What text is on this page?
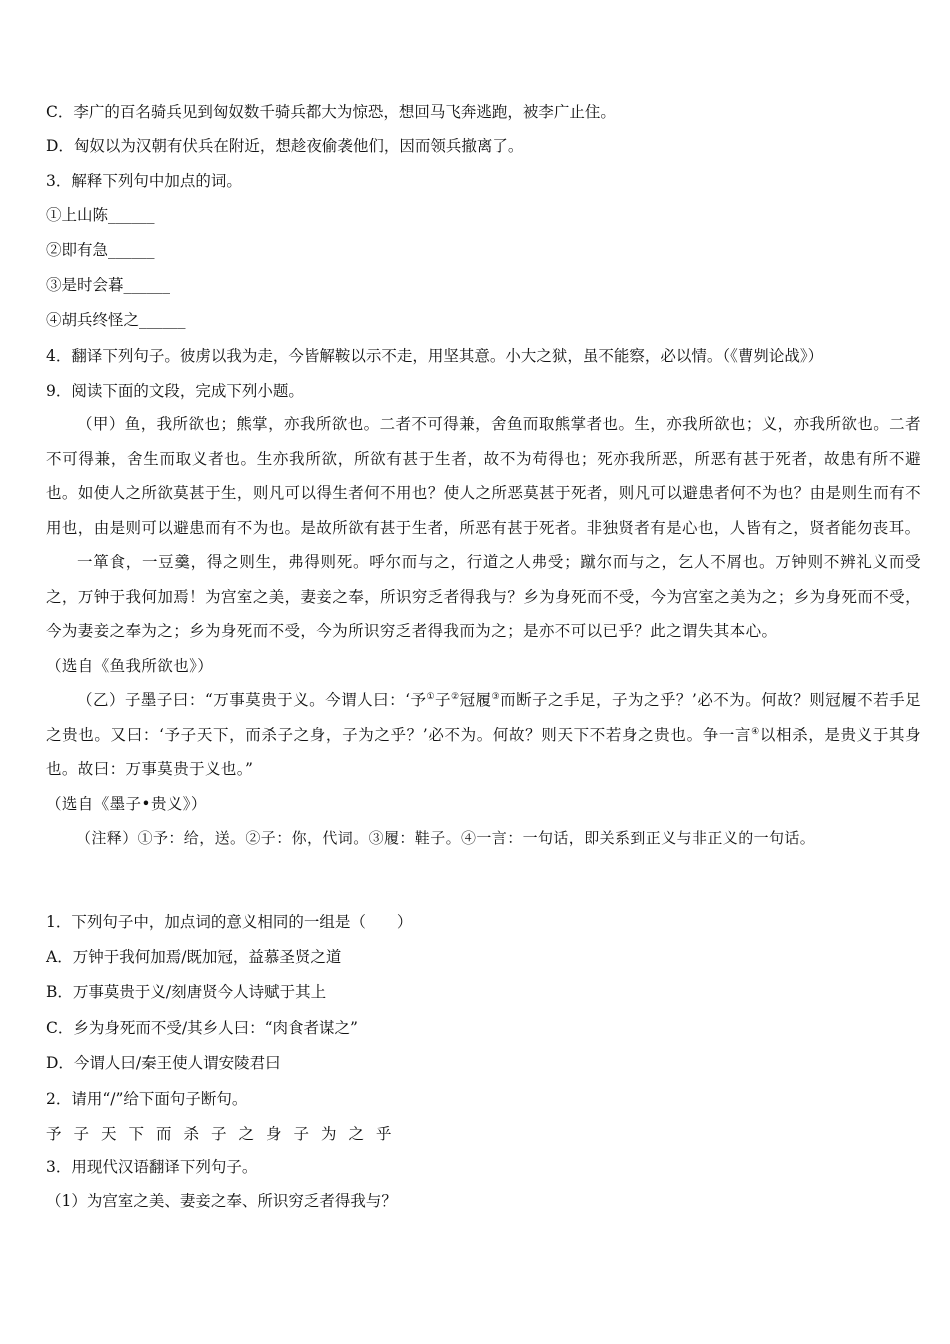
C．李广的百名骑兵见到匈奴数千骑兵都大为惊恐，想回马飞奔逃跑，被李广止住。
D．匈奴以为汉朝有伏兵在附近，想趁夜偷袭他们，因而领兵撤离了。
3．解释下列句中加点的词。
①上山陈______
②即有急______
③是时会暮______
④胡兵终怪之______
4．翻译下列句子。彼虏以我为走，今皆解鞍以示不走，用坚其意。小大之狱，虽不能察，必以情。（《曹刿论战》）
9．阅读下面的文段，完成下列小题。

（甲）鱼，我所欲也；熊掌，亦我所欲也。二者不可得兼，舍鱼而取熊掌者也。生，亦我所欲也；义，亦我所欲也。二者不可得兼，舍生而取义者也。生亦我所欲，所欲有甚于生者，故不为苟得也；死亦我所恶，所恶有甚于死者，故患有所不避也。如使人之所欲莫甚于生，则凡可以得生者何不用也？使人之所恶莫甚于死者，则凡可以避患者何不为也？由是则生而有不用也，由是则可以避患而有不为也。是故所欲有甚于生者，所恶有甚于死者。非独贤者有是心也，人皆有之，贤者能勿丧耳。

一箪食，一豆羹，得之则生，弗得则死。呼尔而与之，行道之人弗受；蹴尔而与之，乞人不屑也。万钟则不辨礼义而受之，万钟于我何加焉！为宫室之美，妻妾之奉，所识穷乏者得我与？乡为身死而不受，今为宫室之美为之；乡为身死而不受，今为妻妾之奉为之；乡为身死而不受，今为所识穷乏者得我而为之；是亦不可以已乎？此之谓失其本心。

（选自《鱼我所欲也》）

（乙）子墨子曰：“万事莫贵于义。今谓人曰：‘予①子②冠履③而断子之手足，子为之乎？’必不为。何故？则冠履不若手足之贵也。又曰：‘予子天下，而杀子之身，子为之乎？’必不为。何故？则天下不若身之贵也。争一言④以相杀，是贵义于其身也。故曰：万事莫贵于义也。”

（选自《墨子•贵义》）

（注释）①予：给，送。②子：你，代词。③履：鞋子。④一言：一句话，即关系到正义与非正义的一句话。

1．下列句子中，加点词的意义相同的一组是（　　）
A．万钟于我何加焉/既加冠，益慕圣贤之道
B．万事莫贵于义/刻唐贤今人诗赋于其上
C．乡为身死而不受/其乡人曰：“肉食者谋之”
D．今谓人曰/秦王使人谓安陵君曰
2．请用“/”给下面句子断句。
予子天下而杀子之身子为之乎
3．用现代汉语翻译下列句子。
（1）为宫室之美、妻妾之奉、所识穷乏者得我与？
